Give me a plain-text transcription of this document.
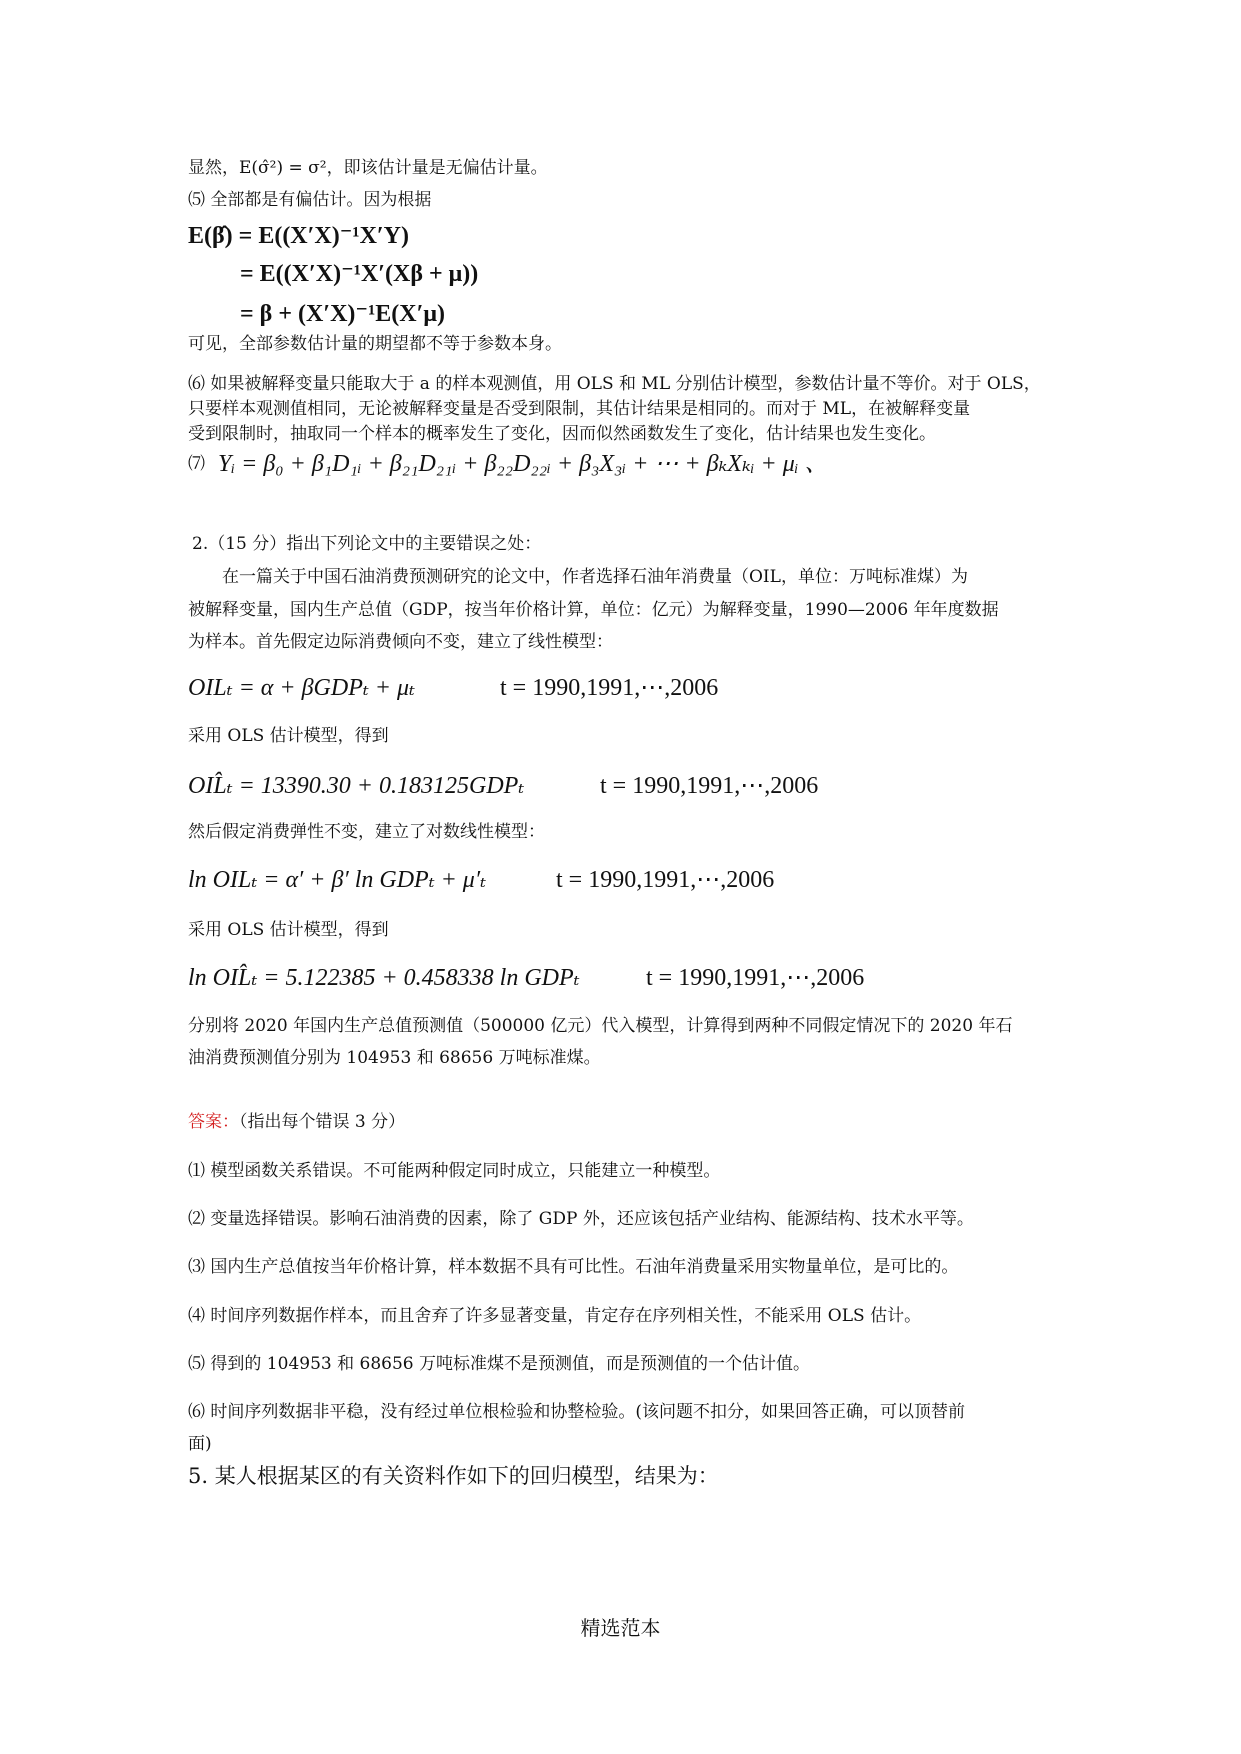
显然，E(σ̂²) = σ²，即该估计量是无偏估计量。
⑸ 全部都是有偏估计。因为根据
E(β̂) = E((X′X)⁻¹X′Y)
= E((X′X)⁻¹X′(Xβ + μ))
= β + (X′X)⁻¹E(X′μ)
可见，全部参数估计量的期望都不等于参数本身。
⑹ 如果被解释变量只能取大于 a 的样本观测值，用 OLS 和 ML 分别估计模型，参数估计量不等价。对于 OLS，
只要样本观测值相同，无论被解释变量是否受到限制，其估计结果是相同的。而对于 ML，在被解释变量
受到限制时，抽取同一个样本的概率发生了变化，因而似然函数发生了变化，估计结果也发生变化。
⑺ Yᵢ = β₀ + β₁D₁ᵢ + β₂₁D₂₁ᵢ + β₂₂D₂₂ᵢ + β₃X₃ᵢ + ⋯ + βₖXₖᵢ + μᵢ 、
2.（15 分）指出下列论文中的主要错误之处：
在一篇关于中国石油消费预测研究的论文中，作者选择石油年消费量（OIL，单位：万吨标准煤）为
被解释变量，国内生产总值（GDP，按当年价格计算，单位：亿元）为解释变量，1990—2006 年年度数据
为样本。首先假定边际消费倾向不变，建立了线性模型：
OILₜ = α + βGDPₜ + μₜ	t = 1990,1991,⋯,2006
采用 OLS 估计模型，得到
OIL̂ₜ = 13390.30 + 0.183125GDPₜ	t = 1990,1991,⋯,2006
然后假定消费弹性不变，建立了对数线性模型：
ln OILₜ = α′ + β′ ln GDPₜ + μ′ₜ	t = 1990,1991,⋯,2006
采用 OLS 估计模型，得到
ln OIL̂ₜ = 5.122385 + 0.458338 ln GDPₜ	t = 1990,1991,⋯,2006
分别将 2020 年国内生产总值预测值（500000 亿元）代入模型，计算得到两种不同假定情况下的 2020 年石
油消费预测值分别为 104953 和 68656 万吨标准煤。
答案：（指出每个错误 3 分）
⑴ 模型函数关系错误。不可能两种假定同时成立，只能建立一种模型。
⑵ 变量选择错误。影响石油消费的因素，除了 GDP 外，还应该包括产业结构、能源结构、技术水平等。
⑶ 国内生产总值按当年价格计算，样本数据不具有可比性。石油年消费量采用实物量单位，是可比的。
⑷ 时间序列数据作样本，而且舍弃了许多显著变量，肯定存在序列相关性，不能采用 OLS 估计。
⑸ 得到的 104953 和 68656 万吨标准煤不是预测值，而是预测值的一个估计值。
⑹ 时间序列数据非平稳，没有经过单位根检验和协整检验。(该问题不扣分，如果回答正确，可以顶替前
面)
5. 某人根据某区的有关资料作如下的回归模型，结果为：
精选范本
